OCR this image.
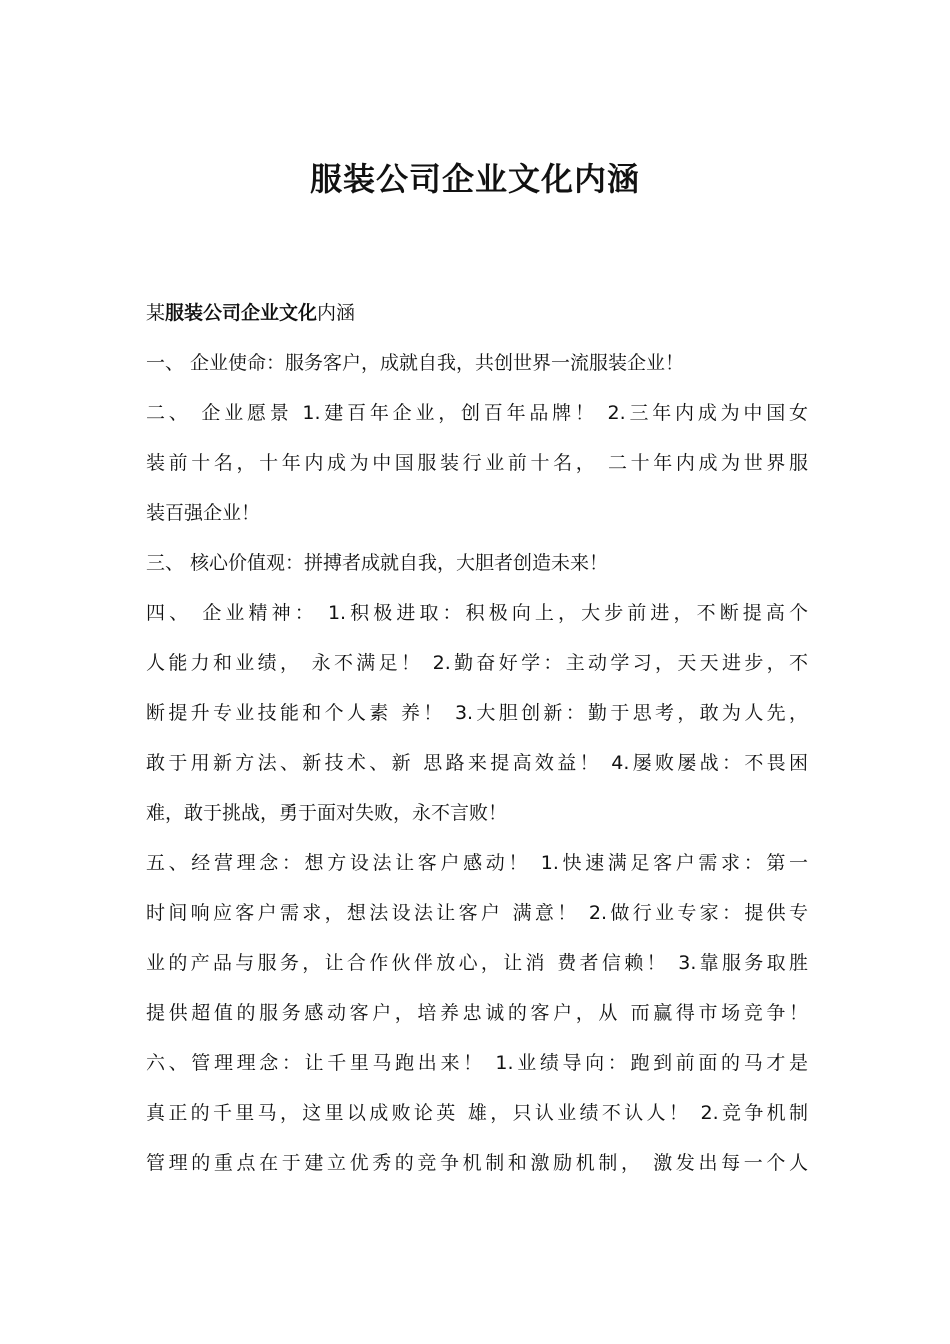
服装公司企业文化内涵

某服装公司企业文化内涵

一、 企业使命：服务客户，成就自我，共创世界一流服装企业！

二、 企业愿景 1.建百年企业，创百年品牌！ 2.三年内成为中国女

装前十名，十年内成为中国服装行业前十名， 二十年内成为世界服

装百强企业！

三、 核心价值观：拼搏者成就自我，大胆者创造未来！

四、 企业精神： 1.积极进取：积极向上，大步前进，不断提高个

人能力和业绩， 永不满足！ 2.勤奋好学：主动学习，天天进步，不

断提升专业技能和个人素 养！ 3.大胆创新：勤于思考，敢为人先，

敢于用新方法、新技术、新 思路来提高效益！ 4.屡败屡战：不畏困

难，敢于挑战，勇于面对失败，永不言败！

五、经营理念：想方设法让客户感动！ 1.快速满足客户需求：第一

时间响应客户需求，想法设法让客户 满意！ 2.做行业专家：提供专

业的产品与服务，让合作伙伴放心，让消 费者信赖！ 3.靠服务取胜

提供超值的服务感动客户，培养忠诚的客户，从 而赢得市场竞争！

六、管理理念：让千里马跑出来！ 1.业绩导向：跑到前面的马才是

真正的千里马，这里以成败论英 雄，只认业绩不认人！ 2.竞争机制

管理的重点在于建立优秀的竞争机制和激励机制， 激发出每一个人
